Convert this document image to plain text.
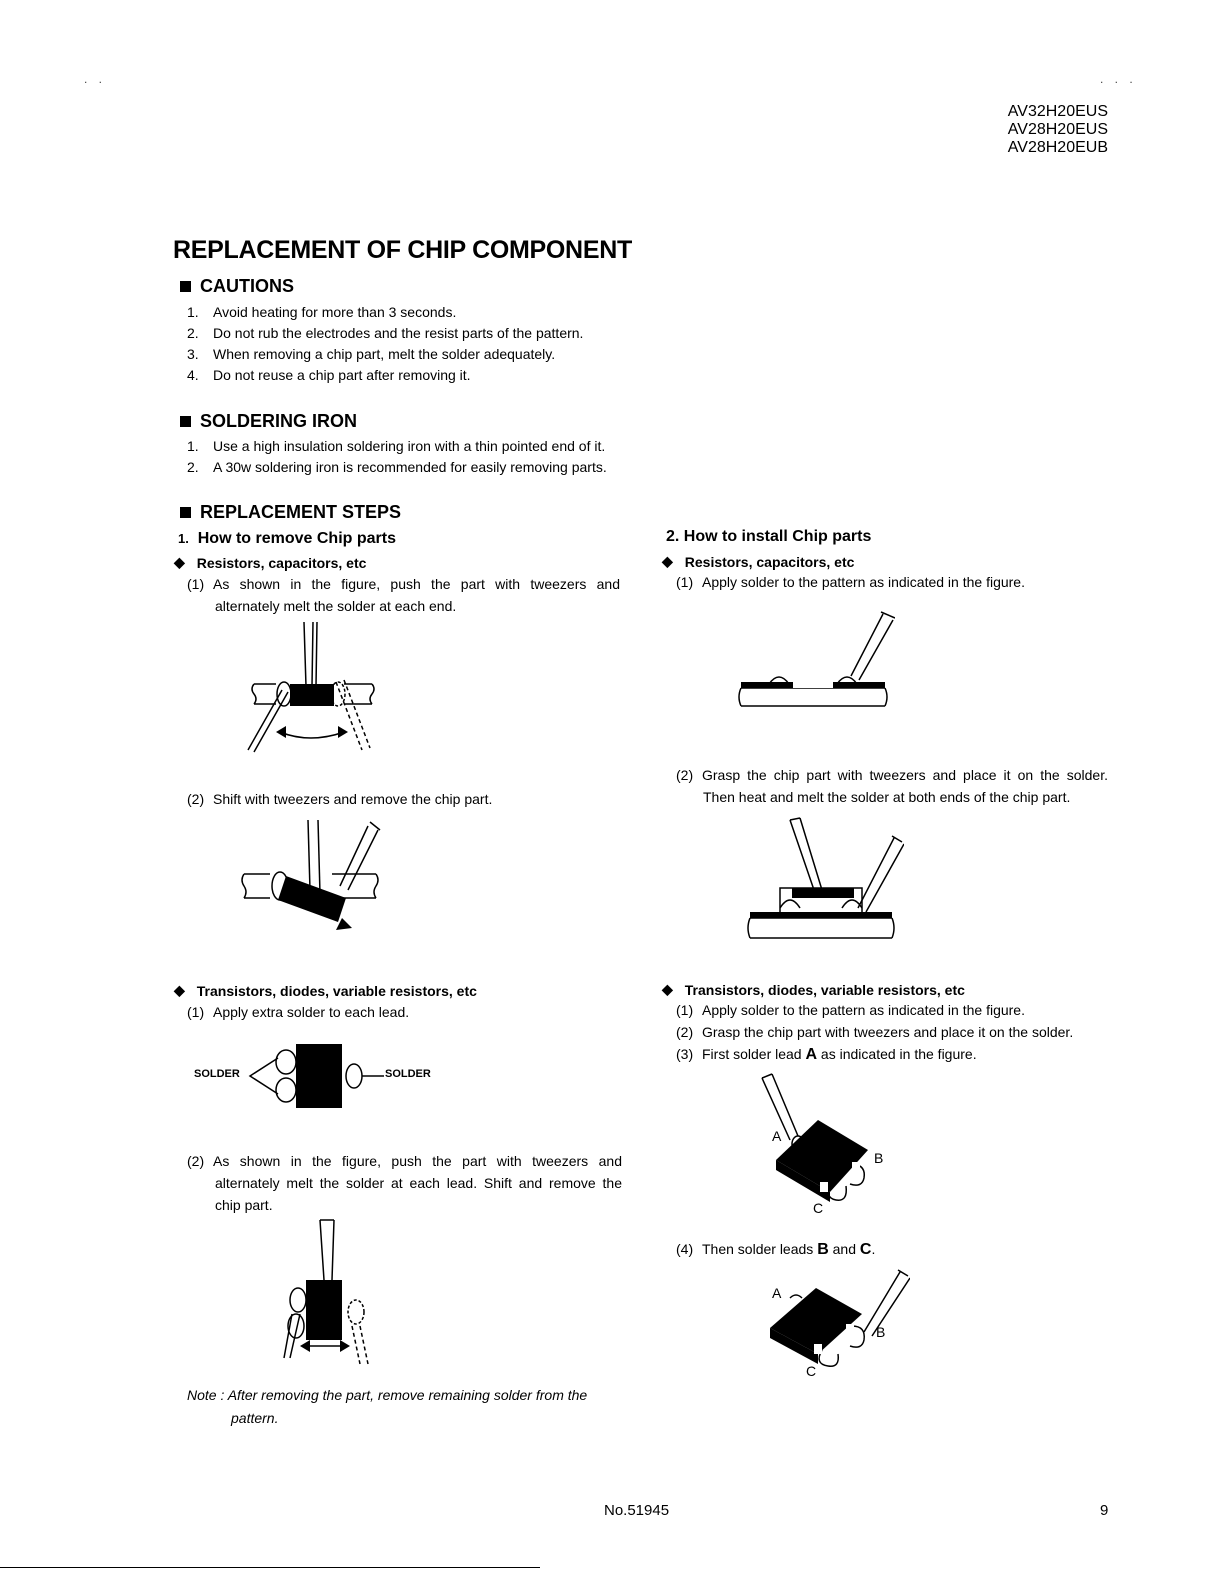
. .	. . .
AV32H20EUS
AV28H20EUS
AV28H20EUB
REPLACEMENT OF CHIP COMPONENT
CAUTIONS
1.	Avoid heating for more than 3 seconds.
2.	Do not rub the electrodes and the resist parts of the pattern.
3.	When removing a chip part, melt the solder adequately.
4.	Do not reuse a chip part after removing it.
SOLDERING IRON
1.	Use a high insulation soldering iron with a thin pointed end of it.
2.	A 30w soldering iron is recommended for easily removing parts.
REPLACEMENT STEPS
1. How to remove Chip parts
◆ Resistors, capacitors, etc
(1) As shown in the figure, push the part with tweezers and
alternately melt the solder at each end.
(2) Shift with tweezers and remove the chip part.
◆ Transistors, diodes, variable resistors, etc
(1) Apply extra solder to each lead.
SOLDER	SOLDER
(2) As shown in the figure, push the part with tweezers and
alternately melt the solder at each lead. Shift and remove the
chip part.
Note : After removing the part, remove remaining solder from the
pattern.
2. How to install Chip parts
◆ Resistors, capacitors, etc
(1) Apply solder to the pattern as indicated in the figure.
(2) Grasp the chip part with tweezers and place it on the solder.
Then heat and melt the solder at both ends of the chip part.
◆ Transistors, diodes, variable resistors, etc
(1) Apply solder to the pattern as indicated in the figure.
(2) Grasp the chip part with tweezers and place it on the solder.
(3) First solder lead A as indicated in the figure.
A
B
C
(4) Then solder leads B and C.
A
B
C
No.51945	9
